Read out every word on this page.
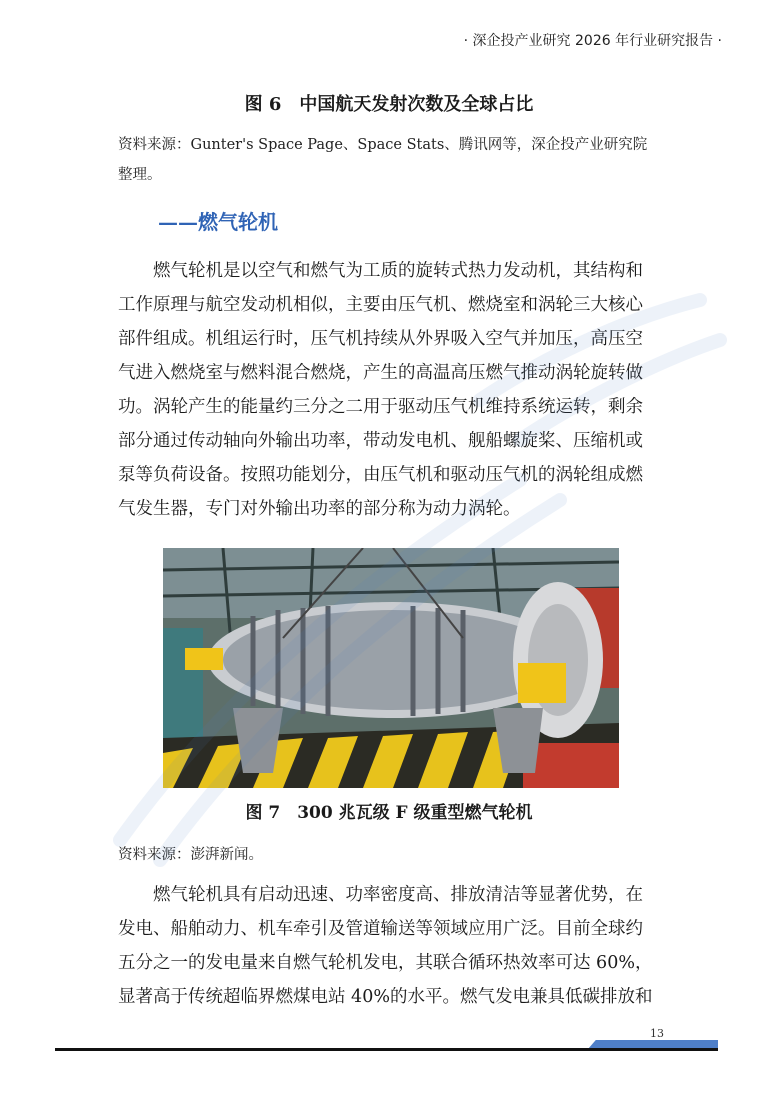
· 深企投产业研究 2026 年行业研究报告 ·
图 6　中国航天发射次数及全球占比
资料来源：Gunter's Space Page、Space Stats、腾讯网等，深企投产业研究院
整理。
——燃气轮机
燃气轮机是以空气和燃气为工质的旋转式热力发动机，其结构和
工作原理与航空发动机相似，主要由压气机、燃烧室和涡轮三大核心
部件组成。机组运行时，压气机持续从外界吸入空气并加压，高压空
气进入燃烧室与燃料混合燃烧，产生的高温高压燃气推动涡轮旋转做
功。涡轮产生的能量约三分之二用于驱动压气机维持系统运转，剩余
部分通过传动轴向外输出功率，带动发电机、舰船螺旋桨、压缩机或
泵等负荷设备。按照功能划分，由压气机和驱动压气机的涡轮组成燃
气发生器，专门对外输出功率的部分称为动力涡轮。
图 7　300 兆瓦级 F 级重型燃气轮机
资料来源：澎湃新闻。
燃气轮机具有启动迅速、功率密度高、排放清洁等显著优势，在
发电、船舶动力、机车牵引及管道输送等领域应用广泛。目前全球约
五分之一的发电量来自燃气轮机发电，其联合循环热效率可达 60%，
显著高于传统超临界燃煤电站 40%的水平。燃气发电兼具低碳排放和
13
